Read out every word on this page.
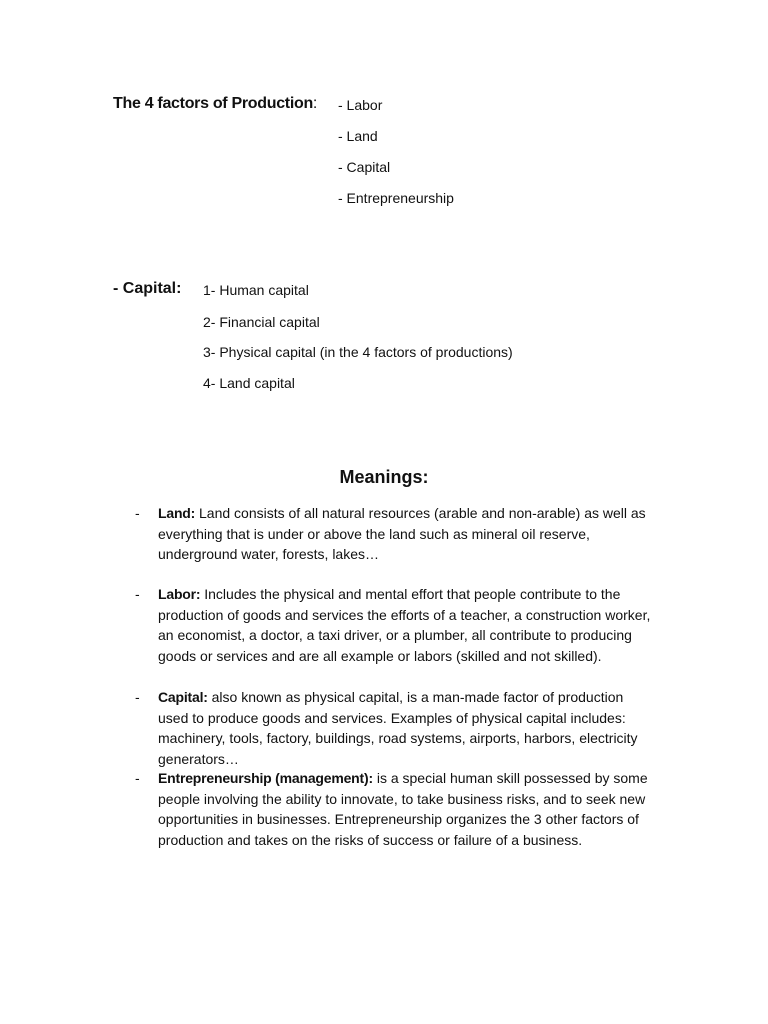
The 4 factors of Production: - Labor
- Land
- Capital
- Entrepreneurship
- Capital: 1- Human capital
2- Financial capital
3- Physical capital (in the 4 factors of productions)
4- Land capital
Meanings:
- Land: Land consists of all natural resources (arable and non-arable) as well as everything that is under or above the land such as mineral oil reserve, underground water, forests, lakes…
- Labor: Includes the physical and mental effort that people contribute to the production of goods and services the efforts of a teacher, a construction worker, an economist, a doctor, a taxi driver, or a plumber, all contribute to producing goods or services and are all example or labors (skilled and not skilled).
- Capital: also known as physical capital, is a man-made factor of production used to produce goods and services. Examples of physical capital includes: machinery, tools, factory, buildings, road systems, airports, harbors, electricity generators…
- Entrepreneurship (management): is a special human skill possessed by some people involving the ability to innovate, to take business risks, and to seek new opportunities in businesses. Entrepreneurship organizes the 3 other factors of production and takes on the risks of success or failure of a business.
